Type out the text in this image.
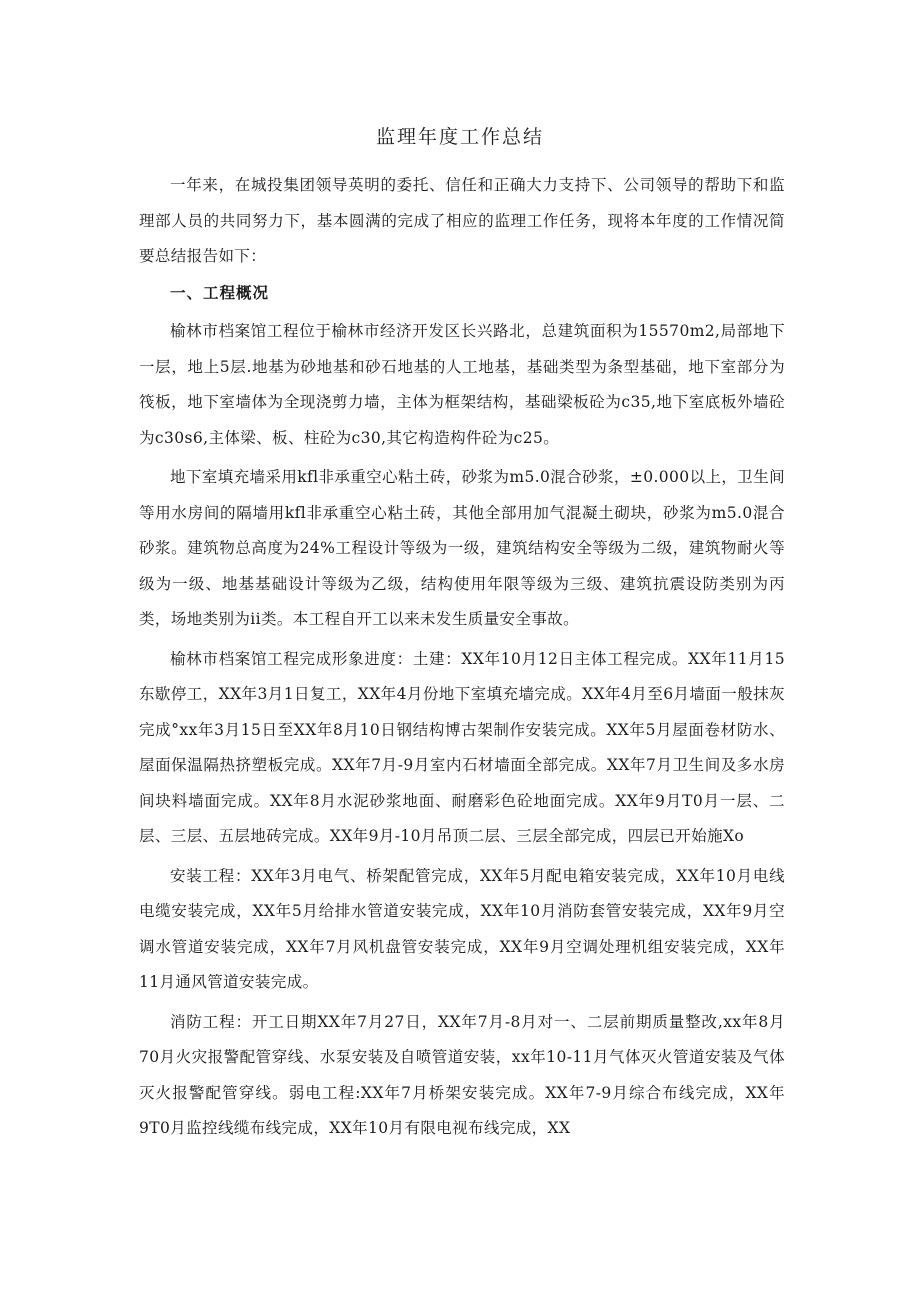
监理年度工作总结

一年来，在城投集团领导英明的委托、信任和正确大力支持下、公司领导的帮助下和监理部人员的共同努力下，基本圆满的完成了相应的监理工作任务，现将本年度的工作情况简要总结报告如下：

一、工程概况

榆林市档案馆工程位于榆林市经济开发区长兴路北，总建筑面积为15570m2,局部地下一层，地上5层.地基为砂地基和砂石地基的人工地基，基础类型为条型基础，地下室部分为筏板，地下室墙体为全现浇剪力墙，主体为框架结构，基础梁板砼为c35,地下室底板外墙砼为c30s6,主体梁、板、柱砼为c30,其它构造构件砼为c25。

地下室填充墙采用kfl非承重空心粘土砖，砂浆为m5.0混合砂浆，±0.000以上，卫生间等用水房间的隔墙用kfl非承重空心粘土砖，其他全部用加气混凝土砌块，砂浆为m5.0混合砂浆。建筑物总高度为24%工程设计等级为一级，建筑结构安全等级为二级，建筑物耐火等级为一级、地基基础设计等级为乙级，结构使用年限等级为三级、建筑抗震设防类别为丙类，场地类别为ii类。本工程自开工以来未发生质量安全事故。

榆林市档案馆工程完成形象进度：土建：XX年10月12日主体工程完成。XX年11月15东歇停工，XX年3月1日复工，XX年4月份地下室填充墙完成。XX年4月至6月墙面一般抹灰完成°xx年3月15日至XX年8月10日钢结构博古架制作安装完成。XX年5月屋面卷材防水、屋面保温隔热挤塑板完成。XX年7月-9月室内石材墙面全部完成。XX年7月卫生间及多水房间块料墙面完成。XX年8月水泥砂浆地面、耐磨彩色砼地面完成。XX年9月T0月一层、二层、三层、五层地砖完成。XX年9月-10月吊顶二层、三层全部完成，四层已开始施Xo

安装工程：XX年3月电气、桥架配管完成，XX年5月配电箱安装完成，XX年10月电线电缆安装完成，XX年5月给排水管道安装完成，XX年10月消防套管安装完成，XX年9月空调水管道安装完成，XX年7月风机盘管安装完成，XX年9月空调处理机组安装完成，XX年11月通风管道安装完成。

消防工程：开工日期XX年7月27日，XX年7月-8月对一、二层前期质量整改,xx年8月70月火灾报警配管穿线、水泵安装及自喷管道安装，xx年10-11月气体灭火管道安装及气体灭火报警配管穿线。弱电工程:XX年7月桥架安装完成。XX年7-9月综合布线完成，XX年9T0月监控线缆布线完成，XX年10月有限电视布线完成，XX
